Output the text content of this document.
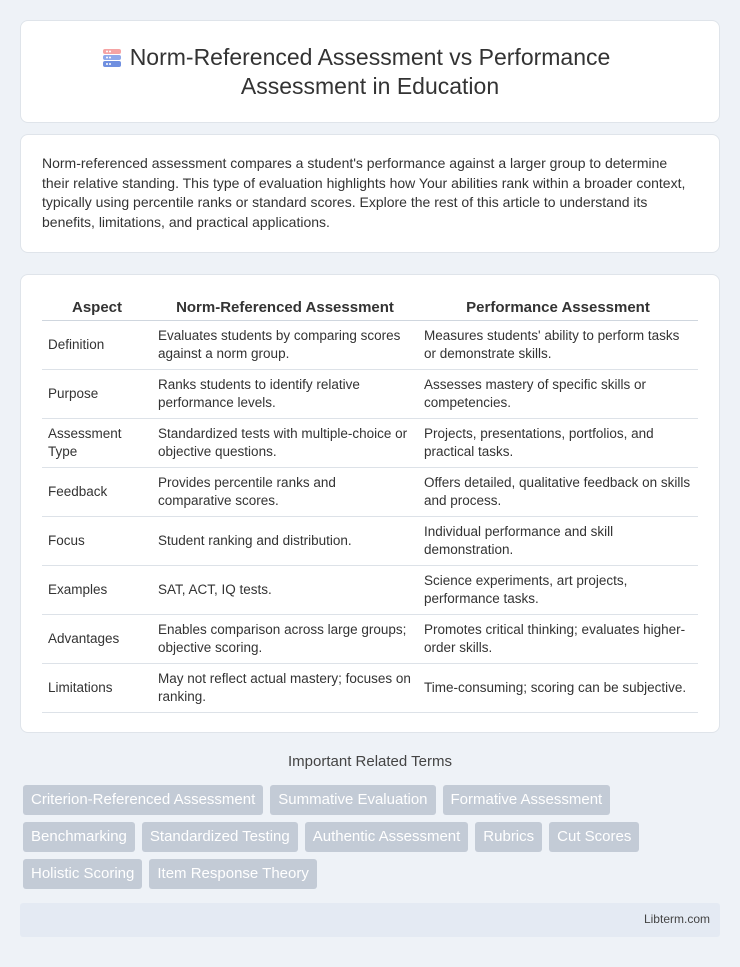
Norm-Referenced Assessment vs Performance
Assessment in Education

Norm-referenced assessment compares a student's performance against a larger group to determine their relative standing. This type of evaluation highlights how Your abilities rank within a broader context, typically using percentile ranks or standard scores. Explore the rest of this article to understand its benefits, limitations, and practical applications.

Aspect	Norm-Referenced Assessment	Performance Assessment
Definition	Evaluates students by comparing scores against a norm group.	Measures students' ability to perform tasks or demonstrate skills.
Purpose	Ranks students to identify relative performance levels.	Assesses mastery of specific skills or competencies.
Assessment Type	Standardized tests with multiple-choice or objective questions.	Projects, presentations, portfolios, and practical tasks.
Feedback	Provides percentile ranks and comparative scores.	Offers detailed, qualitative feedback on skills and process.
Focus	Student ranking and distribution.	Individual performance and skill demonstration.
Examples	SAT, ACT, IQ tests.	Science experiments, art projects, performance tasks.
Advantages	Enables comparison across large groups; objective scoring.	Promotes critical thinking; evaluates higher-order skills.
Limitations	May not reflect actual mastery; focuses on ranking.	Time-consuming; scoring can be subjective.
Important Related Terms
Criterion-Referenced Assessment	Summative Evaluation	Formative Assessment
Benchmarking	Standardized Testing	Authentic Assessment	Rubrics	Cut Scores
Holistic Scoring	Item Response Theory
Libterm.com
